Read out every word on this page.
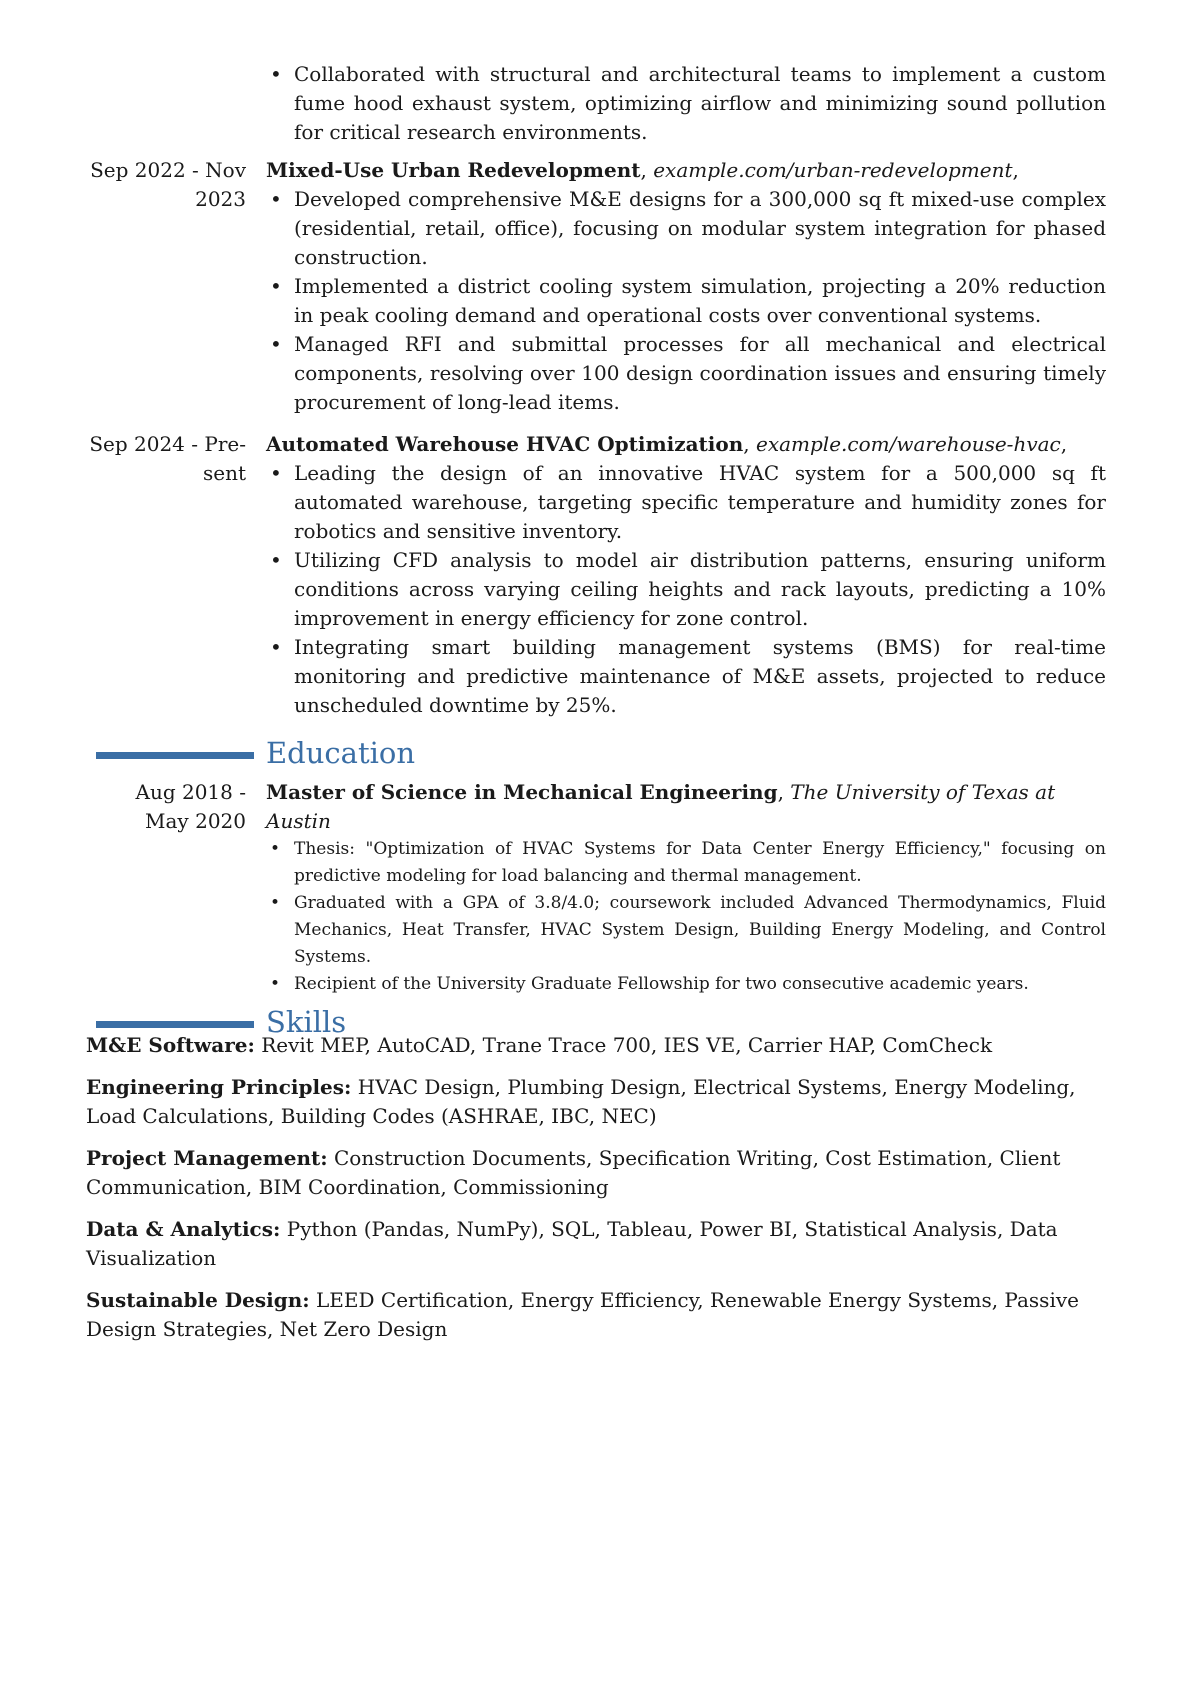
• Collaborated with structural and architectural teams to implement a custom fume hood exhaust system, optimizing airflow and minimizing sound pollution for critical research environments.
Sep 2022 - Nov
2023
Mixed-Use Urban Redevelopment, example.com/urban-redevelopment,
• Developed comprehensive M&E designs for a 300,000 sq ft mixed-use complex (residential, retail, office), focusing on modular system integration for phased construction.
• Implemented a district cooling system simulation, projecting a 20% reduction in peak cooling demand and operational costs over conventional systems.
• Managed RFI and submittal processes for all mechanical and electrical components, resolving over 100 design coordination issues and ensuring timely procurement of long-lead items.
Sep 2024 - Pre-
sent
Automated Warehouse HVAC Optimization, example.com/warehouse-hvac,
• Leading the design of an innovative HVAC system for a 500,000 sq ft automated warehouse, targeting specific temperature and humidity zones for robotics and sensitive inventory.
• Utilizing CFD analysis to model air distribution patterns, ensuring uniform conditions across varying ceiling heights and rack layouts, predicting a 10% improvement in energy efficiency for zone control.
• Integrating smart building management systems (BMS) for real-time monitoring and predictive maintenance of M&E assets, projected to reduce unscheduled downtime by 25%.
Education
Aug 2018 -
May 2020
Master of Science in Mechanical Engineering, The University of Texas at Austin
• Thesis: "Optimization of HVAC Systems for Data Center Energy Efficiency," focusing on predictive modeling for load balancing and thermal management.
• Graduated with a GPA of 3.8/4.0; coursework included Advanced Thermodynamics, Fluid Mechanics, Heat Transfer, HVAC System Design, Building Energy Modeling, and Control Systems.
• Recipient of the University Graduate Fellowship for two consecutive academic years.
Skills
M&E Software: Revit MEP, AutoCAD, Trane Trace 700, IES VE, Carrier HAP, ComCheck
Engineering Principles: HVAC Design, Plumbing Design, Electrical Systems, Energy Modeling, Load Calculations, Building Codes (ASHRAE, IBC, NEC)
Project Management: Construction Documents, Specification Writing, Cost Estimation, Client Communication, BIM Coordination, Commissioning
Data & Analytics: Python (Pandas, NumPy), SQL, Tableau, Power BI, Statistical Analysis, Data Visualization
Sustainable Design: LEED Certification, Energy Efficiency, Renewable Energy Systems, Passive Design Strategies, Net Zero Design
